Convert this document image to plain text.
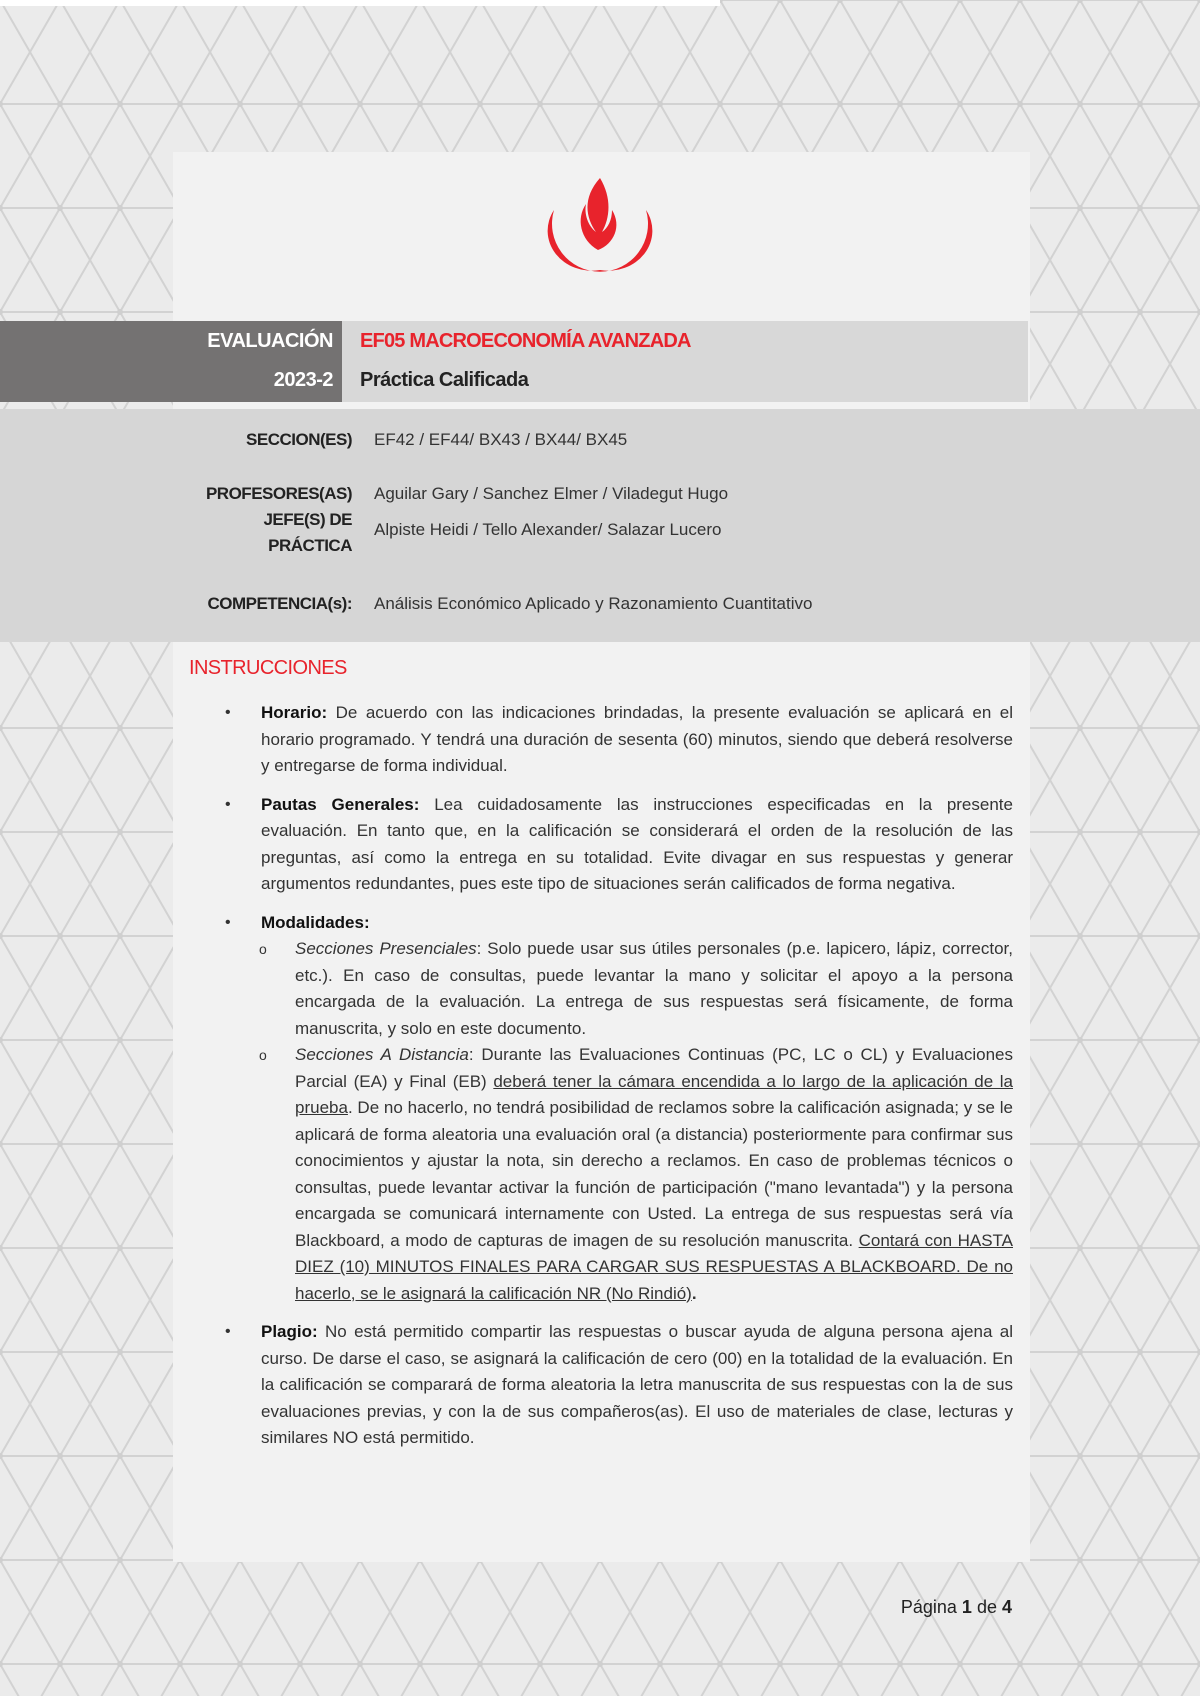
EVALUACIÓN
2023-2
EF05 MACROECONOMÍA AVANZADA
Práctica Calificada
SECCION(ES) EF42 / EF44/ BX43 / BX44/ BX45
PROFESORES(AS) Aguilar Gary / Sanchez Elmer / Viladegut Hugo
JEFE(S) DE
PRÁCTICA
Alpiste Heidi / Tello Alexander/ Salazar Lucero
COMPETENCIA(s): Análisis Económico Aplicado y Razonamiento Cuantitativo
INSTRUCCIONES
• Horario: De acuerdo con las indicaciones brindadas, la presente evaluación se aplicará en el horario programado. Y tendrá una duración de sesenta (60) minutos, siendo que deberá resolverse y entregarse de forma individual.
• Pautas Generales: Lea cuidadosamente las instrucciones especificadas en la presente evaluación. En tanto que, en la calificación se considerará el orden de la resolución de las preguntas, así como la entrega en su totalidad. Evite divagar en sus respuestas y generar argumentos redundantes, pues este tipo de situaciones serán calificados de forma negativa.
• Modalidades:
o Secciones Presenciales: Solo puede usar sus útiles personales (p.e. lapicero, lápiz, corrector, etc.). En caso de consultas, puede levantar la mano y solicitar el apoyo a la persona encargada de la evaluación. La entrega de sus respuestas será físicamente, de forma manuscrita, y solo en este documento.
o Secciones A Distancia: Durante las Evaluaciones Continuas (PC, LC o CL) y Evaluaciones Parcial (EA) y Final (EB) deberá tener la cámara encendida a lo largo de la aplicación de la prueba. De no hacerlo, no tendrá posibilidad de reclamos sobre la calificación asignada; y se le aplicará de forma aleatoria una evaluación oral (a distancia) posteriormente para confirmar sus conocimientos y ajustar la nota, sin derecho a reclamos. En caso de problemas técnicos o consultas, puede levantar activar la función de participación ("mano levantada") y la persona encargada se comunicará internamente con Usted. La entrega de sus respuestas será vía Blackboard, a modo de capturas de imagen de su resolución manuscrita. Contará con HASTA DIEZ (10) MINUTOS FINALES PARA CARGAR SUS RESPUESTAS A BLACKBOARD. De no hacerlo, se le asignará la calificación NR (No Rindió).
• Plagio: No está permitido compartir las respuestas o buscar ayuda de alguna persona ajena al curso. De darse el caso, se asignará la calificación de cero (00) en la totalidad de la evaluación. En la calificación se comparará de forma aleatoria la letra manuscrita de sus respuestas con la de sus evaluaciones previas, y con la de sus compañeros(as). El uso de materiales de clase, lecturas y similares NO está permitido.
Página 1 de 4
